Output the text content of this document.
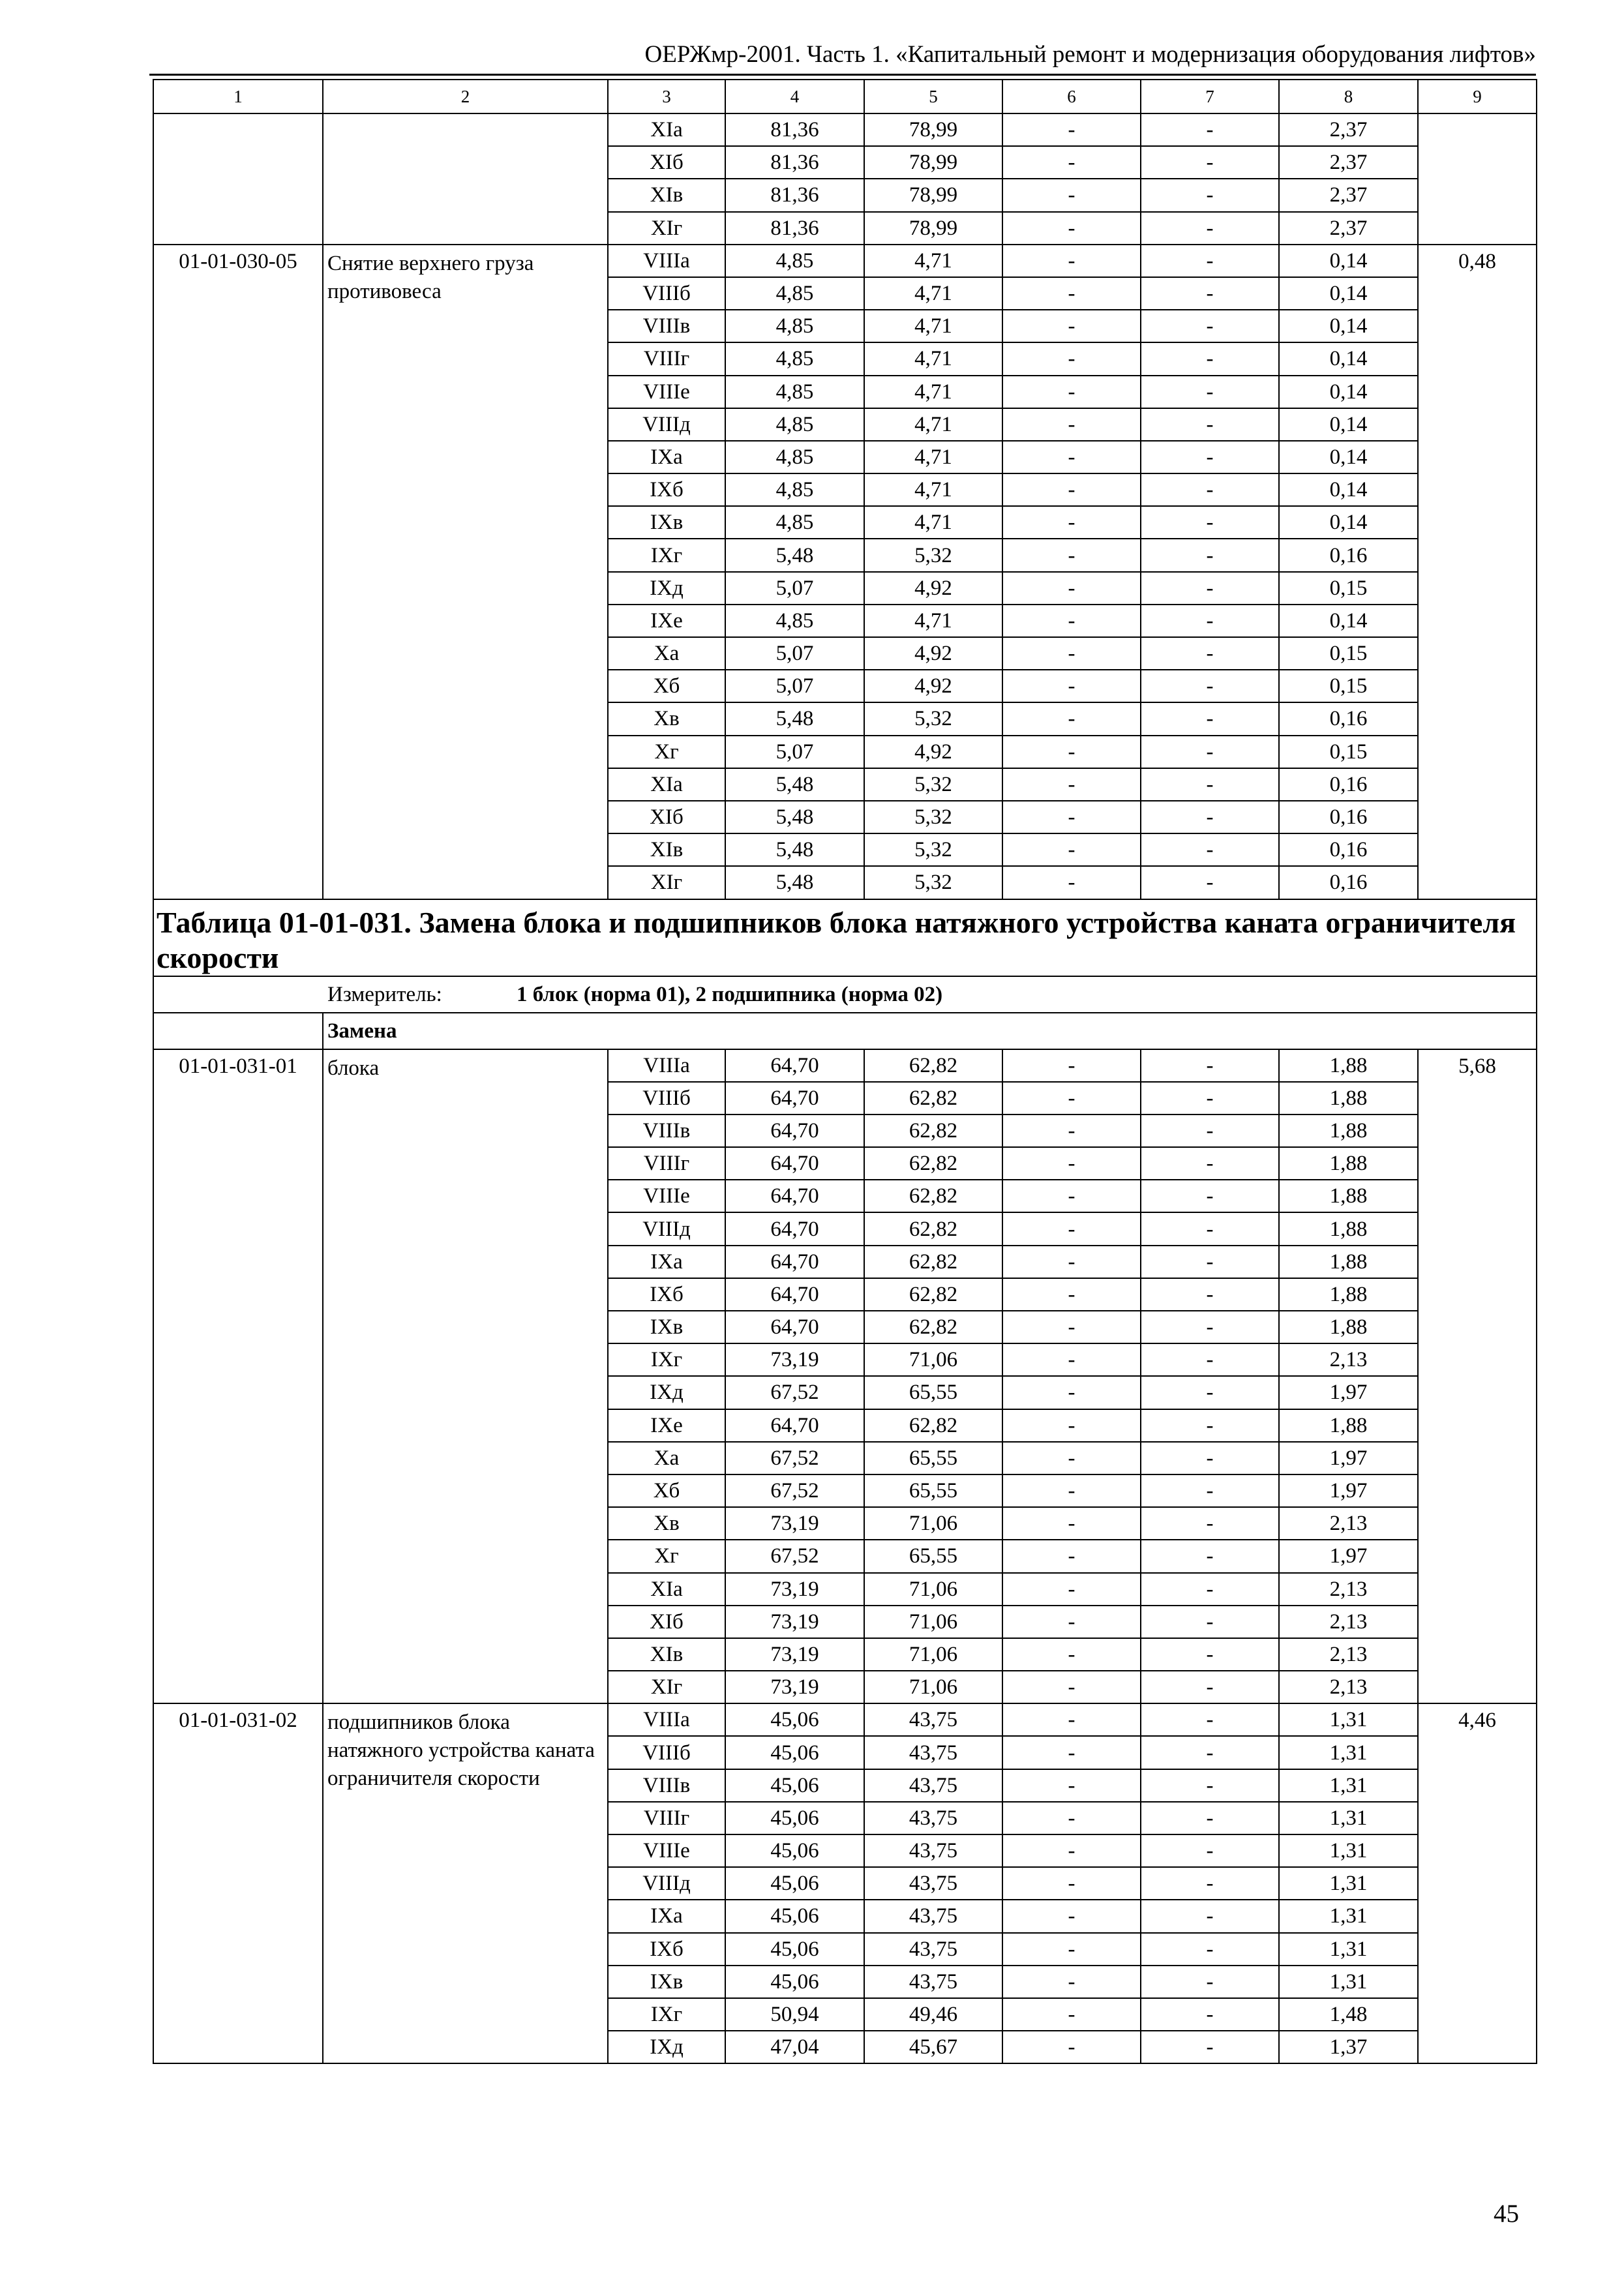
ОЕРЖмр-2001. Часть 1. «Капитальный ремонт и модернизация оборудования лифтов»
1	2	3	4	5	6	7	8	9
		XIa	81,36	78,99	-	-	2,37	
		XIб	81,36	78,99	-	-	2,37	
		XIв	81,36	78,99	-	-	2,37	
		XIг	81,36	78,99	-	-	2,37	
01-01-030-05	Снятие верхнего груза противовеса	VIIIa	4,85	4,71	-	-	0,14	0,48
		VIIIб	4,85	4,71	-	-	0,14	
		VIIIв	4,85	4,71	-	-	0,14	
		VIIIг	4,85	4,71	-	-	0,14	
		VIIIe	4,85	4,71	-	-	0,14	
		VIIIд	4,85	4,71	-	-	0,14	
		IXa	4,85	4,71	-	-	0,14	
		IXб	4,85	4,71	-	-	0,14	
		IXв	4,85	4,71	-	-	0,14	
		IXг	5,48	5,32	-	-	0,16	
		IXд	5,07	4,92	-	-	0,15	
		IXe	4,85	4,71	-	-	0,14	
		Xa	5,07	4,92	-	-	0,15	
		Xб	5,07	4,92	-	-	0,15	
		Xв	5,48	5,32	-	-	0,16	
		Xг	5,07	4,92	-	-	0,15	
		XIa	5,48	5,32	-	-	0,16	
		XIб	5,48	5,32	-	-	0,16	
		XIв	5,48	5,32	-	-	0,16	
		XIг	5,48	5,32	-	-	0,16	
Таблица 01-01-031. Замена блока и подшипников блока натяжного устройства каната ограничителя скорости								
Измеритель: 1 блок (норма 01), 2 подшипника (норма 02)								
	Замена							
01-01-031-01	блока	VIIIa	64,70	62,82	-	-	1,88	5,68
		VIIIб	64,70	62,82	-	-	1,88	
		VIIIв	64,70	62,82	-	-	1,88	
		VIIIг	64,70	62,82	-	-	1,88	
		VIIIe	64,70	62,82	-	-	1,88	
		VIIIд	64,70	62,82	-	-	1,88	
		IXa	64,70	62,82	-	-	1,88	
		IXб	64,70	62,82	-	-	1,88	
		IXв	64,70	62,82	-	-	1,88	
		IXг	73,19	71,06	-	-	2,13	
		IXд	67,52	65,55	-	-	1,97	
		IXe	64,70	62,82	-	-	1,88	
		Xa	67,52	65,55	-	-	1,97	
		Xб	67,52	65,55	-	-	1,97	
		Xв	73,19	71,06	-	-	2,13	
		Xг	67,52	65,55	-	-	1,97	
		XIa	73,19	71,06	-	-	2,13	
		XIб	73,19	71,06	-	-	2,13	
		XIв	73,19	71,06	-	-	2,13	
		XIг	73,19	71,06	-	-	2,13	
01-01-031-02	подшипников блока натяжного устройства каната ограничителя скорости	VIIIa	45,06	43,75	-	-	1,31	4,46
		VIIIб	45,06	43,75	-	-	1,31	
		VIIIв	45,06	43,75	-	-	1,31	
		VIIIг	45,06	43,75	-	-	1,31	
		VIIIe	45,06	43,75	-	-	1,31	
		VIIIд	45,06	43,75	-	-	1,31	
		IXa	45,06	43,75	-	-	1,31	
		IXб	45,06	43,75	-	-	1,31	
		IXв	45,06	43,75	-	-	1,31	
		IXг	50,94	49,46	-	-	1,48	
		IXд	47,04	45,67	-	-	1,37	
45
